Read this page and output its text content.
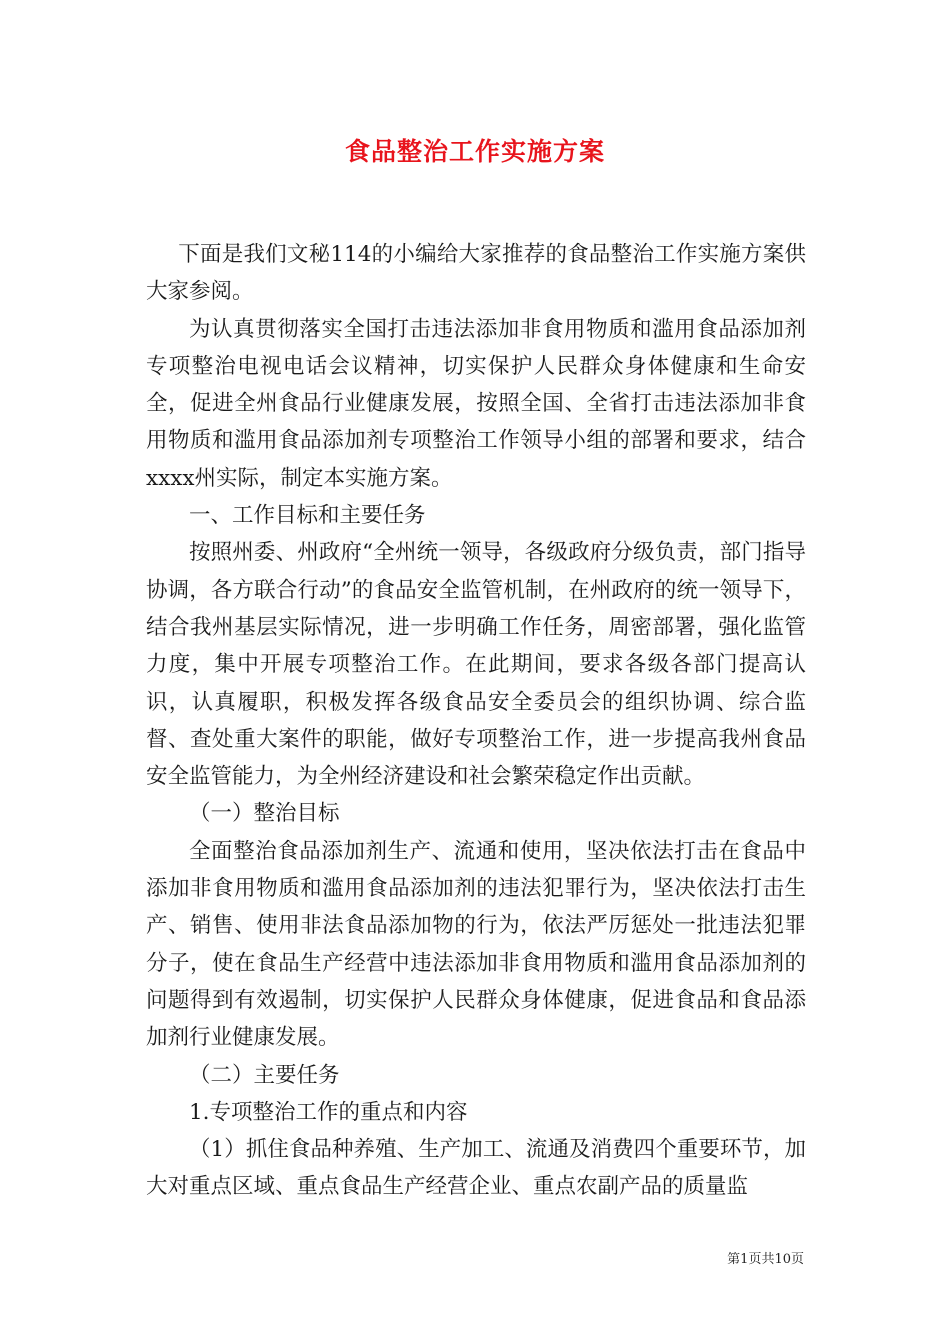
食品整治工作实施方案

下面是我们文秘114的小编给大家推荐的食品整治工作实施方案供大家参阅。

为认真贯彻落实全国打击违法添加非食用物质和滥用食品添加剂专项整治电视电话会议精神，切实保护人民群众身体健康和生命安全，促进全州食品行业健康发展，按照全国、全省打击违法添加非食用物质和滥用食品添加剂专项整治工作领导小组的部署和要求，结合xxxx州实际，制定本实施方案。

一、工作目标和主要任务

按照州委、州政府“全州统一领导，各级政府分级负责，部门指导协调，各方联合行动”的食品安全监管机制，在州政府的统一领导下，结合我州基层实际情况，进一步明确工作任务，周密部署，强化监管力度，集中开展专项整治工作。在此期间，要求各级各部门提高认识，认真履职，积极发挥各级食品安全委员会的组织协调、综合监督、查处重大案件的职能，做好专项整治工作，进一步提高我州食品安全监管能力，为全州经济建设和社会繁荣稳定作出贡献。

（一）整治目标

全面整治食品添加剂生产、流通和使用，坚决依法打击在食品中添加非食用物质和滥用食品添加剂的违法犯罪行为，坚决依法打击生产、销售、使用非法食品添加物的行为，依法严厉惩处一批违法犯罪分子，使在食品生产经营中违法添加非食用物质和滥用食品添加剂的问题得到有效遏制，切实保护人民群众身体健康，促进食品和食品添加剂行业健康发展。

（二）主要任务

1.专项整治工作的重点和内容

（1）抓住食品种养殖、生产加工、流通及消费四个重要环节，加大对重点区域、重点食品生产经营企业、重点农副产品的质量监

第1页共10页
